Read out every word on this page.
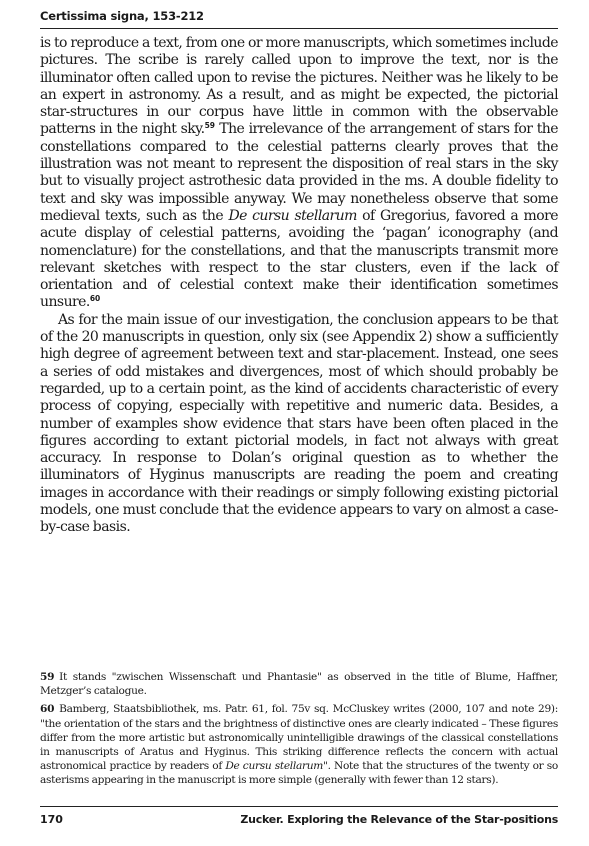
Certissima signa, 153-212

is to reproduce a text, from one or more manuscripts, which sometimes include pictures. The scribe is rarely called upon to improve the text, nor is the illuminator often called upon to revise the pictures. Neither was he likely to be an expert in astronomy. As a result, and as might be expected, the pictorial star-structures in our corpus have little in common with the observable patterns in the night sky.$^{59}$ The irrelevance of the arrangement of stars for the constellations compared to the celestial patterns clearly proves that the illustration was not meant to represent the disposition of real stars in the sky but to visually project astrothesic data provided in the ms. A double fidelity to text and sky was impossible anyway. We may nonetheless observe that some medieval texts, such as the De cursu stellarum of Gregorius, favored a more acute display of celestial patterns, avoiding the ‘pagan’ iconography (and nomenclature) for the constellations, and that the manuscripts transmit more relevant sketches with respect to the star clusters, even if the lack of orientation and of celestial context make their identification sometimes unsure.$^{60}$

As for the main issue of our investigation, the conclusion appears to be that of the 20 manuscripts in question, only six (see Appendix 2) show a sufficiently high degree of agreement between text and star-placement. Instead, one sees a series of odd mistakes and divergences, most of which should probably be regarded, up to a certain point, as the kind of accidents characteristic of every process of copying, especially with repetitive and numeric data. Besides, a number of examples show evidence that stars have been often placed in the figures according to extant pictorial models, in fact not always with great accuracy. In response to Dolan’s original question as to whether the illuminators of Hyginus manuscripts are reading the poem and creating images in accordance with their readings or simply following existing pictorial models, one must conclude that the evidence appears to vary on almost a case-by-case basis.

59 It stands "zwischen Wissenschaft und Phantasie" as observed in the title of Blume, Haffner, Metzger’s catalogue.

60 Bamberg, Staatsbibliothek, ms. Patr. 61, fol. 75v sq. McCluskey writes (2000, 107 and note 29): "the orientation of the stars and the brightness of distinctive ones are clearly indicated – These figures differ from the more artistic but astronomically unintelligible drawings of the classical constellations in manuscripts of Aratus and Hyginus. This striking difference reflects the concern with actual astronomical practice by readers of De cursu stellarum". Note that the structures of the twenty or so asterisms appearing in the manuscript is more simple (generally with fewer than 12 stars).

170	Zucker. Exploring the Relevance of the Star-positions
